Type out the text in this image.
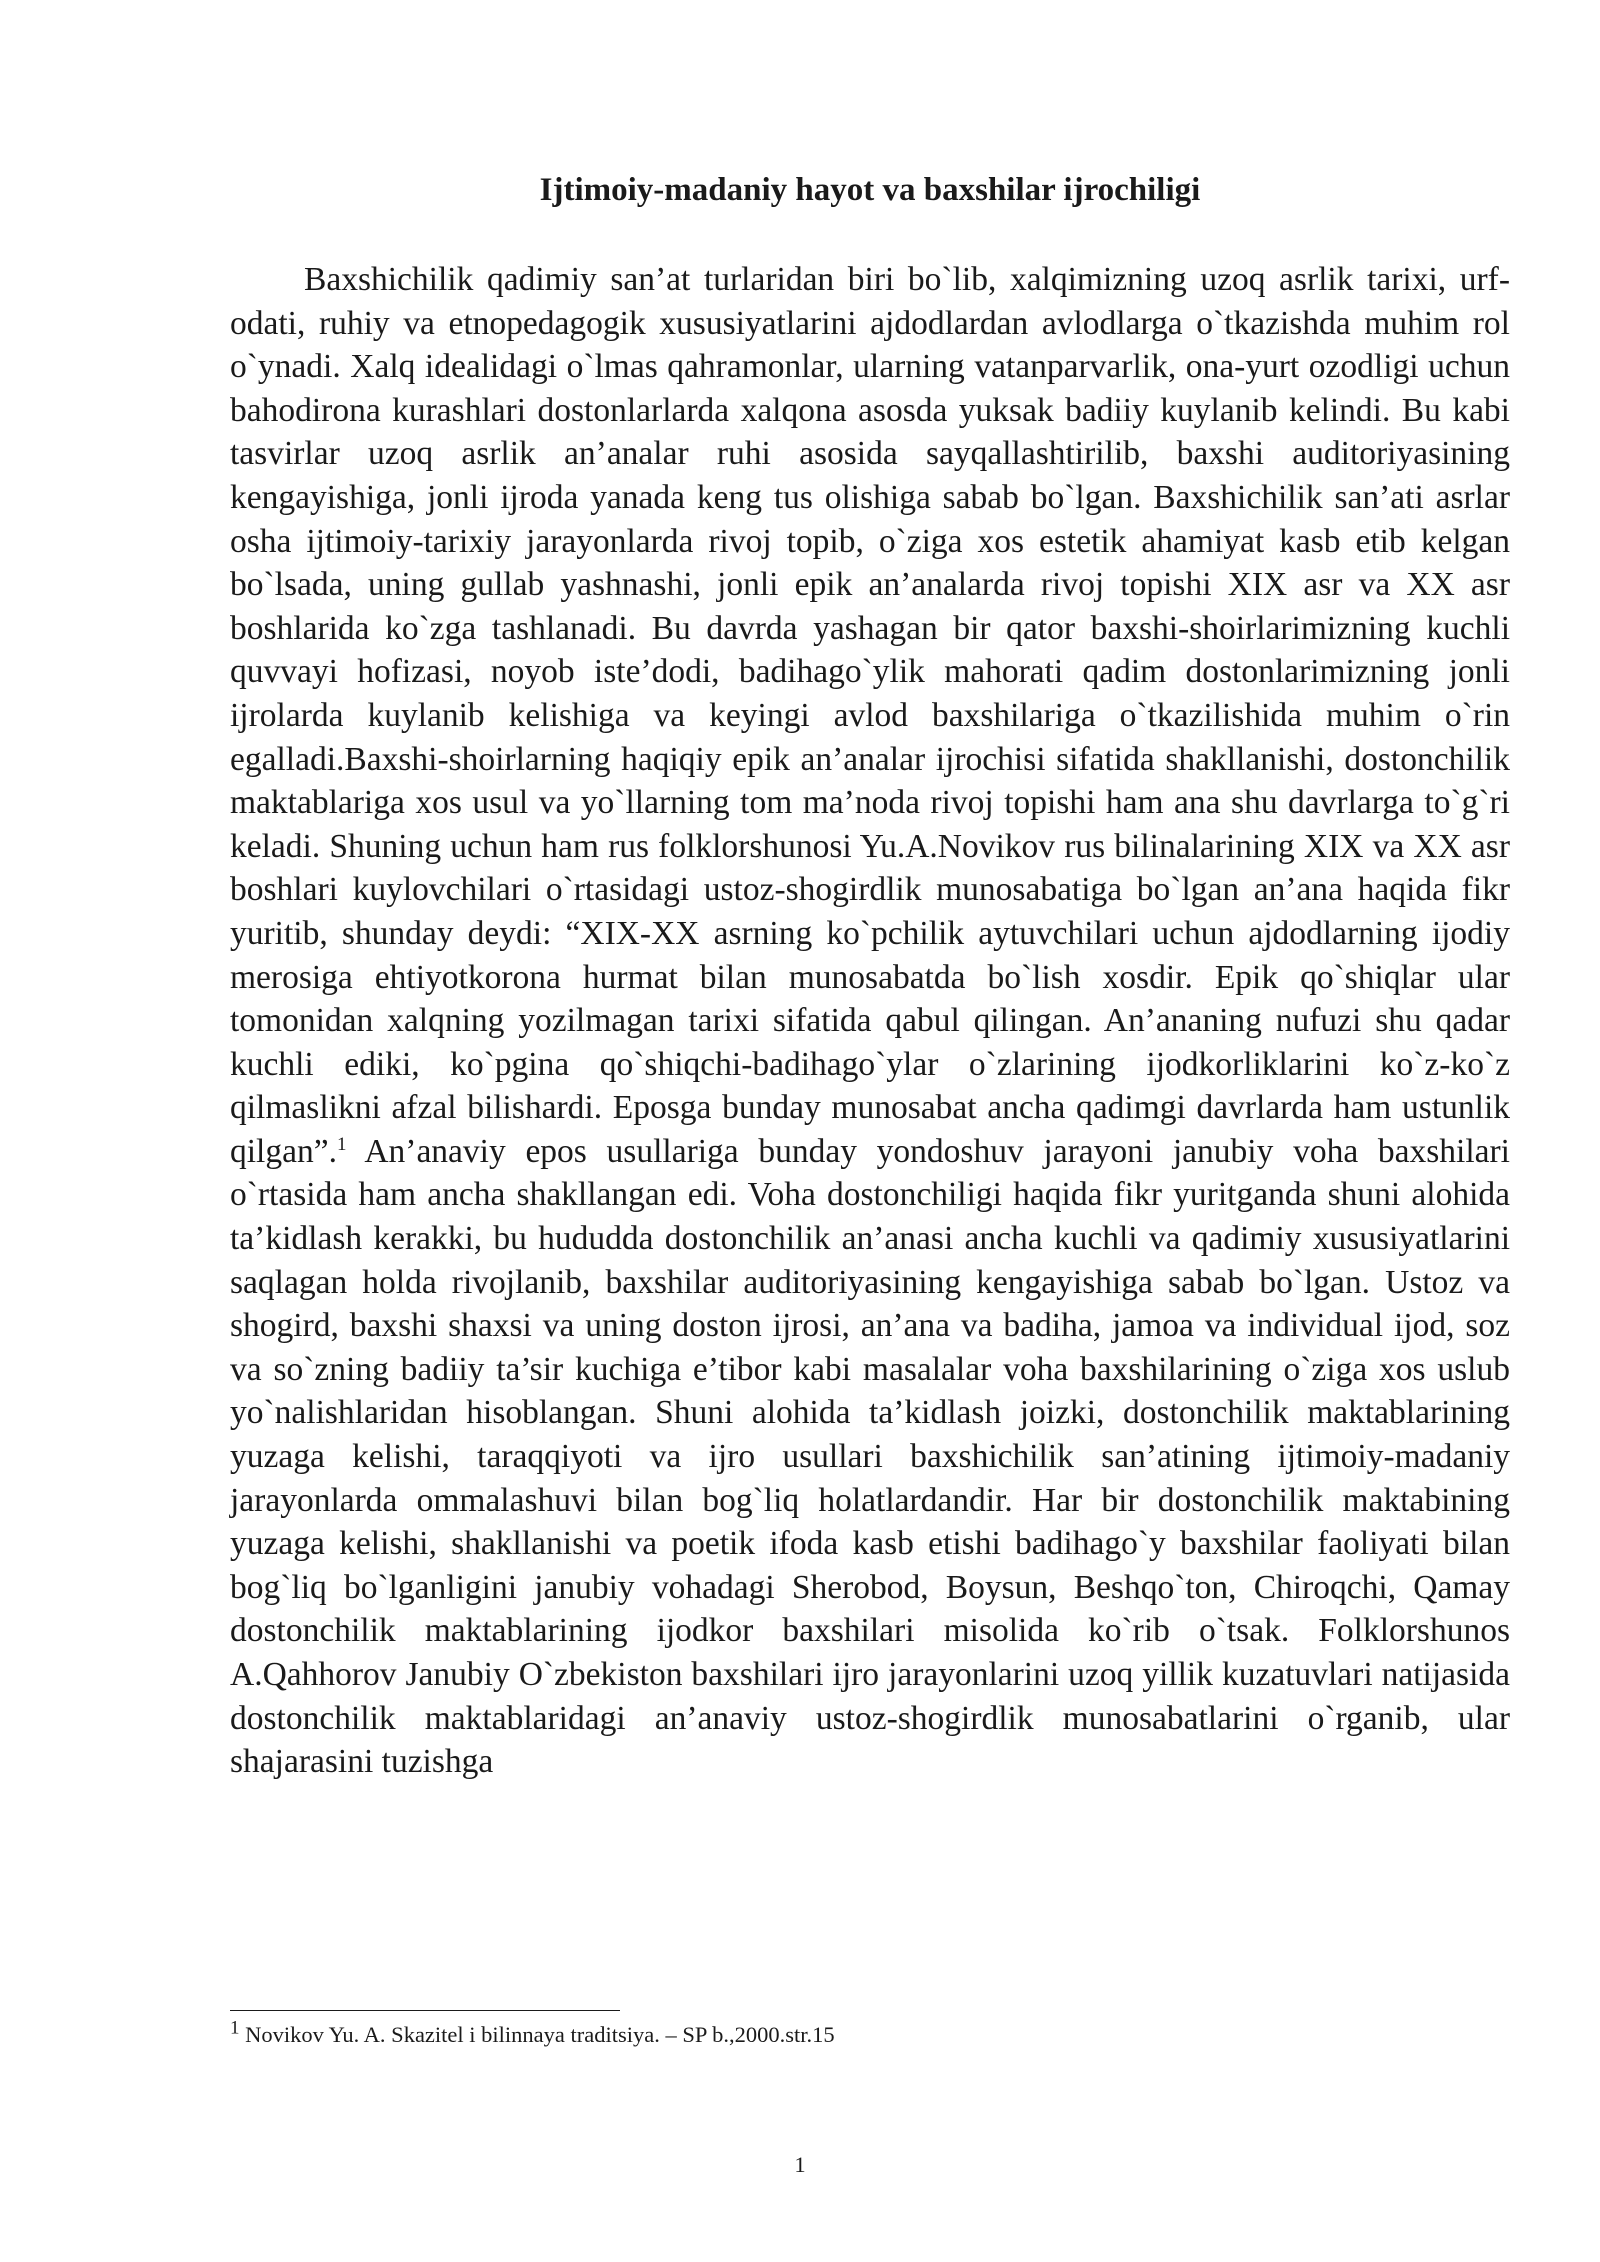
Ijtimoiy-madaniy hayot va baxshilar ijrochiligi

Baxshichilik qadimiy san’at turlaridan biri bo`lib, xalqimizning uzoq asrlik tarixi, urf-odati, ruhiy va etnopedagogik xususiyatlarini ajdodlardan avlodlarga o`tkazishda muhim rol o`ynadi. Xalq idealidagi o`lmas qahramonlar, ularning vatanparvarlik, ona-yurt ozodligi uchun bahodirona kurashlari dostonlarlarda xalqona asosda yuksak badiiy kuylanib kelindi. Bu kabi tasvirlar uzoq asrlik an’analar ruhi asosida sayqallashtirilib, baxshi auditoriyasining kengayishiga, jonli ijroda yanada keng tus olishiga sabab bo`lgan. Baxshichilik san’ati asrlar osha ijtimoiy-tarixiy jarayonlarda rivoj topib, o`ziga xos estetik ahamiyat kasb etib kelgan bo`lsada, uning gullab yashnashi, jonli epik an’analarda rivoj topishi XIX asr va XX asr boshlarida ko`zga tashlanadi. Bu davrda yashagan bir qator baxshi-shoirlarimizning kuchli quvvayi hofizasi, noyob iste’dodi, badihago`ylik mahorati qadim dostonlarimizning jonli ijrolarda kuylanib kelishiga va keyingi avlod baxshilariga o`tkazilishida muhim o`rin egalladi.Baxshi-shoirlarning haqiqiy epik an’analar ijrochisi sifatida shakllanishi, dostonchilik maktablariga xos usul va yo`llarning tom ma’noda rivoj topishi ham ana shu davrlarga to`g`ri keladi. Shuning uchun ham rus folklorshunosi Yu.A.Novikov rus bilinalarining XIX va XX asr boshlari kuylovchilari o`rtasidagi ustoz-shogirdlik munosabatiga bo`lgan an’ana haqida fikr yuritib, shunday deydi: “XIX-XX asrning ko`pchilik aytuvchilari uchun ajdodlarning ijodiy merosiga ehtiyotkorona hurmat bilan munosabatda bo`lish xosdir. Epik qo`shiqlar ular tomonidan xalqning yozilmagan tarixi sifatida qabul qilingan. An’ananing nufuzi shu qadar kuchli ediki, ko`pgina qo`shiqchi-badihago`ylar o`zlarining ijodkorliklarini ko`z-ko`z qilmaslikni afzal bilishardi. Eposga bunday munosabat ancha qadimgi davrlarda ham ustunlik qilgan”.$^1$ An’anaviy epos usullariga bunday yondoshuv jarayoni janubiy voha baxshilari o`rtasida ham ancha shakllangan edi. Voha dostonchiligi haqida fikr yuritganda shuni alohida ta’kidlash kerakki, bu hududda dostonchilik an’anasi ancha kuchli va qadimiy xususiyatlarini saqlagan holda rivojlanib, baxshilar auditoriyasining kengayishiga sabab bo`lgan. Ustoz va shogird, baxshi shaxsi va uning doston ijrosi, an’ana va badiha, jamoa va individual ijod, soz va so`zning badiiy ta’sir kuchiga e’tibor kabi masalalar voha baxshilarining o`ziga xos uslub yo`nalishlaridan hisoblangan. Shuni alohida ta’kidlash joizki, dostonchilik maktablarining yuzaga kelishi, taraqqiyoti va ijro usullari baxshichilik san’atining ijtimoiy-madaniy jarayonlarda ommalashuvi bilan bog`liq holatlardandir. Har bir dostonchilik maktabining yuzaga kelishi, shakllanishi va poetik ifoda kasb etishi badihago`y baxshilar faoliyati bilan bog`liq bo`lganligini janubiy vohadagi Sherobod, Boysun, Beshqo`ton, Chiroqchi, Qamay dostonchilik maktablarining ijodkor baxshilari misolida ko`rib o`tsak. Folklorshunos A.Qahhorov Janubiy O`zbekiston baxshilari ijro jarayonlarini uzoq yillik kuzatuvlari natijasida dostonchilik maktablaridagi an’anaviy ustoz-shogirdlik munosabatlarini o`rganib, ular shajarasini tuzishga

$^1$ Novikov Yu. A. Skazitel i bilinnaya traditsiya. – SP b.,2000.str.15

1
